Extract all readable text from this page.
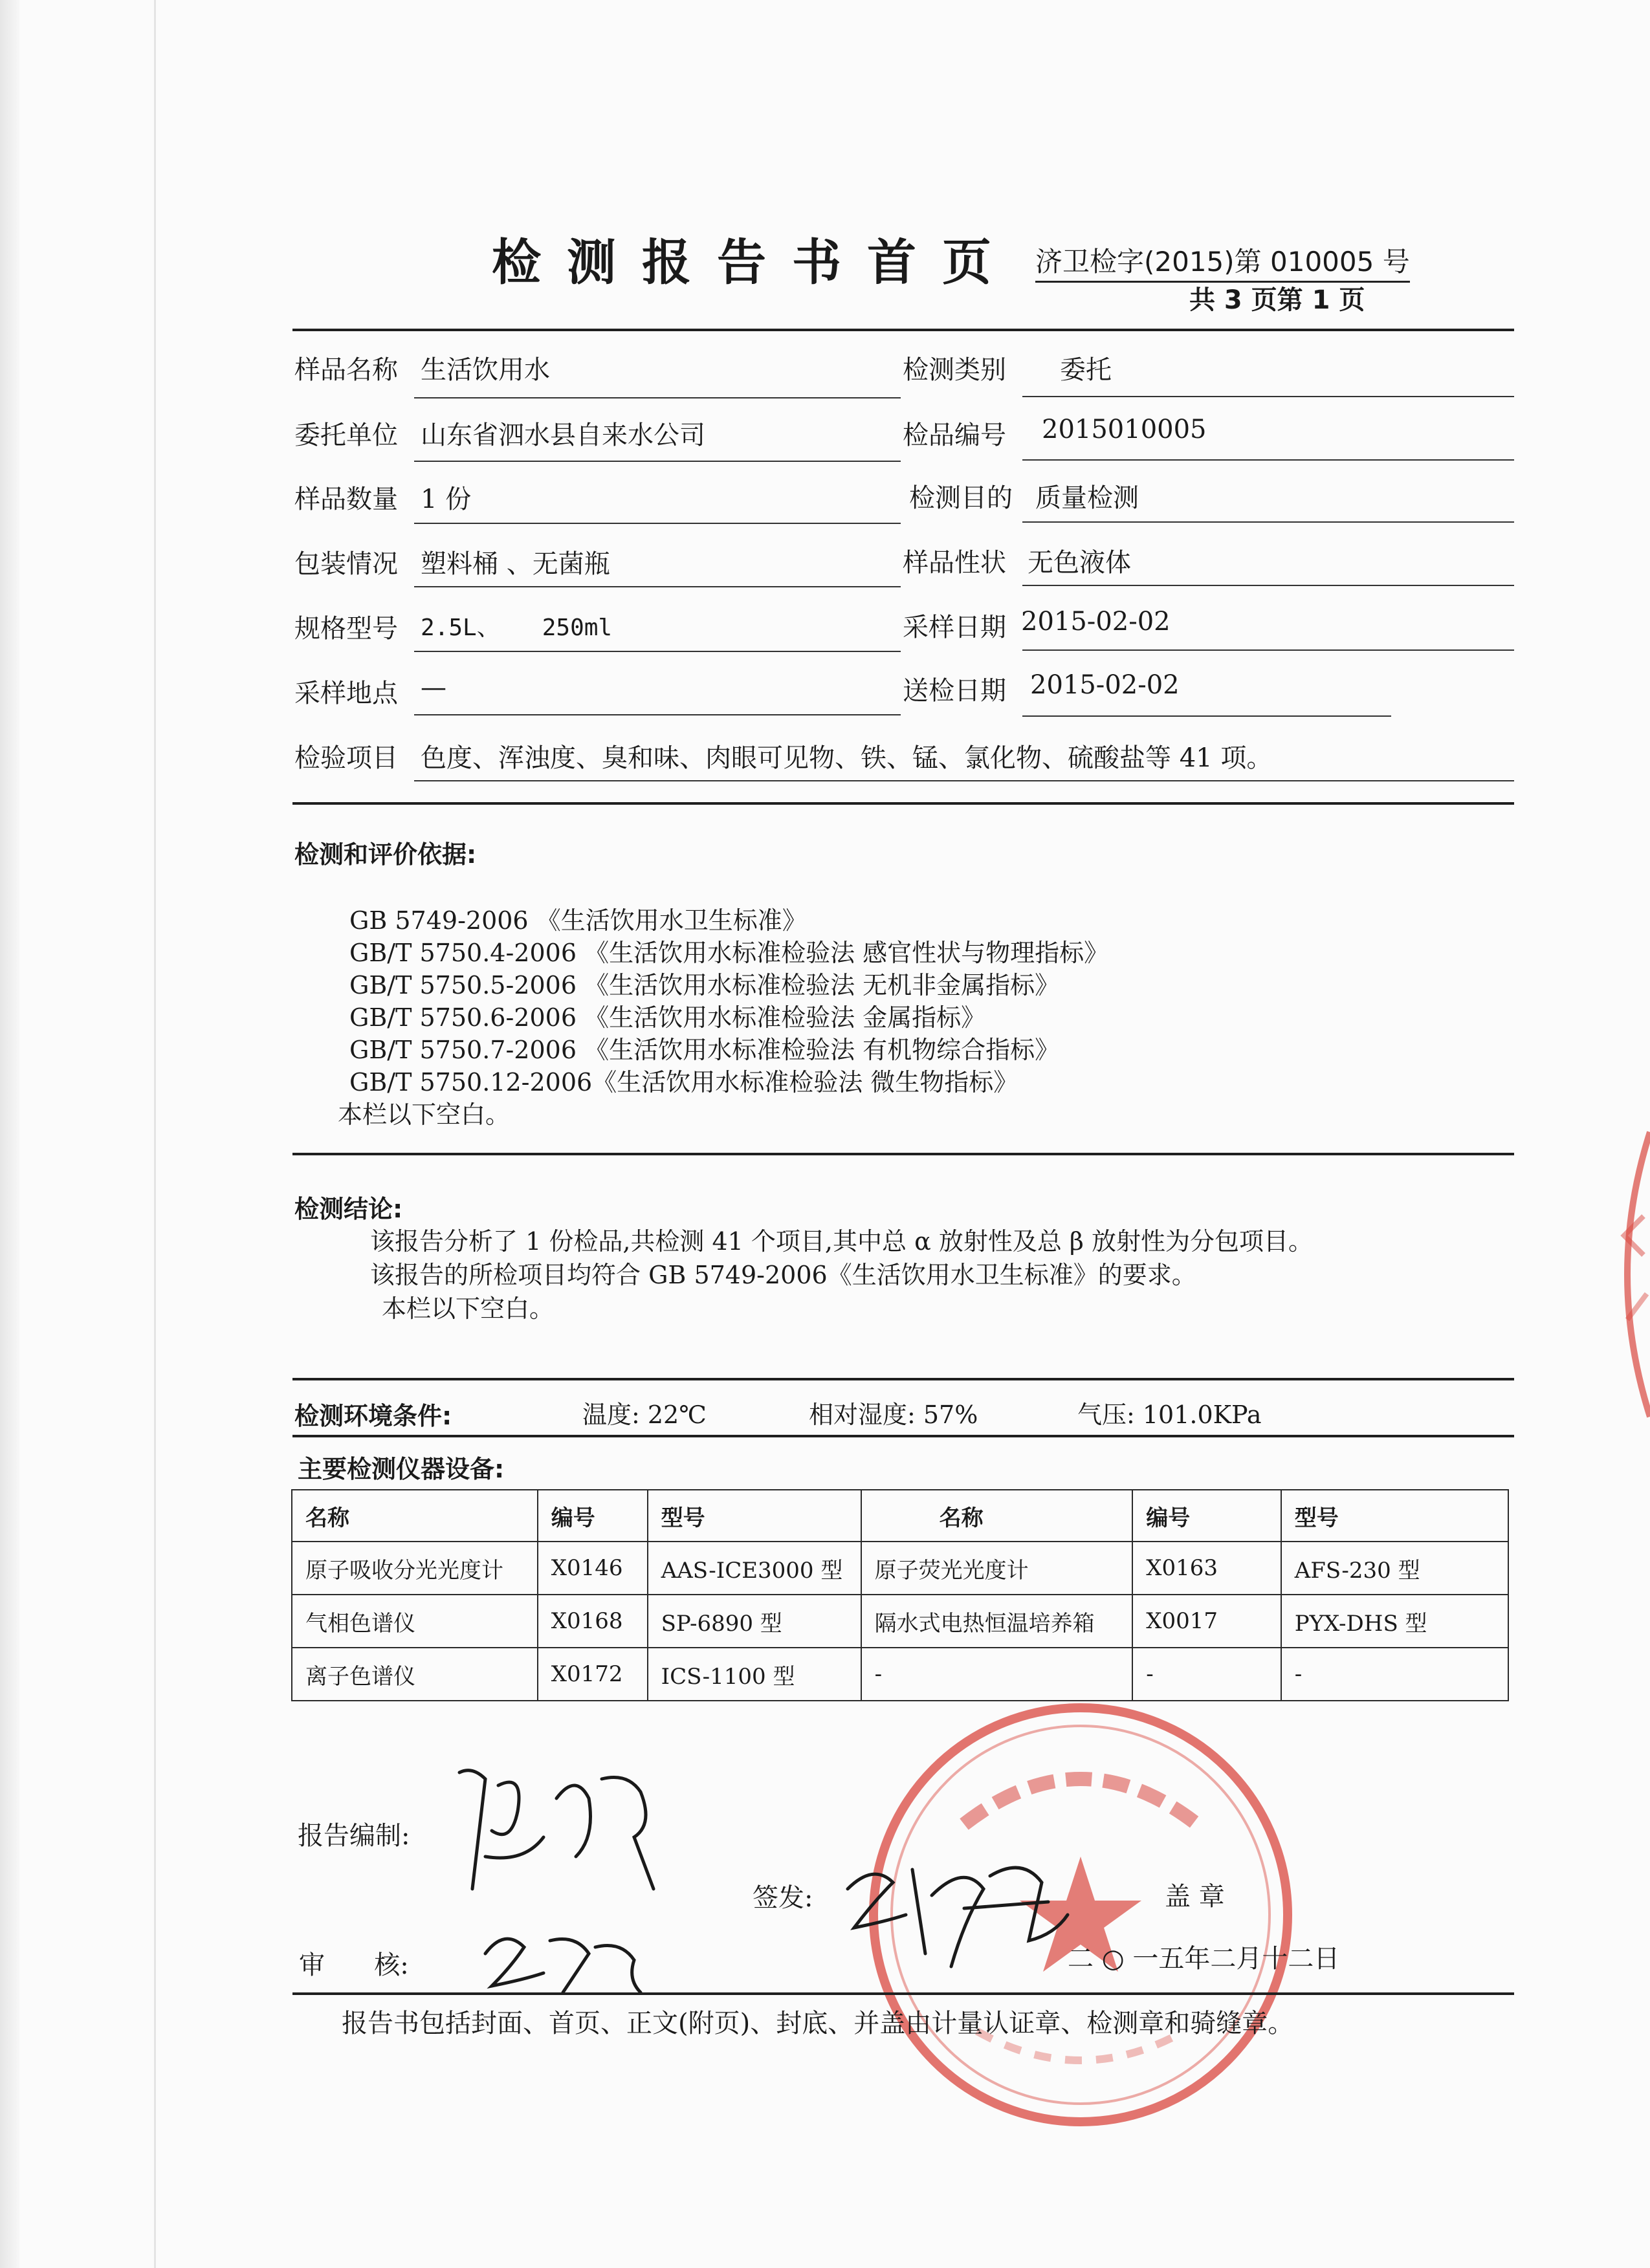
检测报告书首页 济卫检字(2015)第 010005 号
共 3 页第 1 页
样品名称 生活饮用水	检测类别 委托
委托单位 山东省泗水县自来水公司	检品编号 2015010005
样品数量 1 份	检测目的 质量检测
包装情况 塑料桶 、无菌瓶	样品性状 无色液体
规格型号 2.5L、   250ml	采样日期 2015-02-02
采样地点 —	送检日期 2015-02-02
检验项目 色度、浑浊度、臭和味、肉眼可见物、铁、锰、氯化物、硫酸盐等 41 项。
检测和评价依据:
GB 5749-2006 《生活饮用水卫生标准》
GB/T 5750.4-2006 《生活饮用水标准检验法 感官性状与物理指标》
GB/T 5750.5-2006 《生活饮用水标准检验法 无机非金属指标》
GB/T 5750.6-2006 《生活饮用水标准检验法 金属指标》
GB/T 5750.7-2006 《生活饮用水标准检验法 有机物综合指标》
GB/T 5750.12-2006《生活饮用水标准检验法 微生物指标》
本栏以下空白。
检测结论:
该报告分析了 1 份检品,共检测 41 个项目,其中总 α 放射性及总 β 放射性为分包项目。
该报告的所检项目均符合 GB 5749-2006《生活饮用水卫生标准》的要求。
本栏以下空白。
检测环境条件:	温度: 22℃	相对湿度: 57%	气压: 101.0KPa
主要检测仪器设备:
名称	编号	型号	名称	编号	型号
原子吸收分光光度计	X0146	AAS-ICE3000 型	原子荧光光度计	X0163	AFS-230 型
气相色谱仪	X0168	SP-6890 型	隔水式电热恒温培养箱	X0017	PYX-DHS 型
离子色谱仪	X0172	ICS-1100 型	-	-	-
报告编制:
签发:	盖 章
审      核:	二 ○ 一五年二月十二日
报告书包括封面、首页、正文(附页)、封底、并盖由计量认证章、检测章和骑缝章。
